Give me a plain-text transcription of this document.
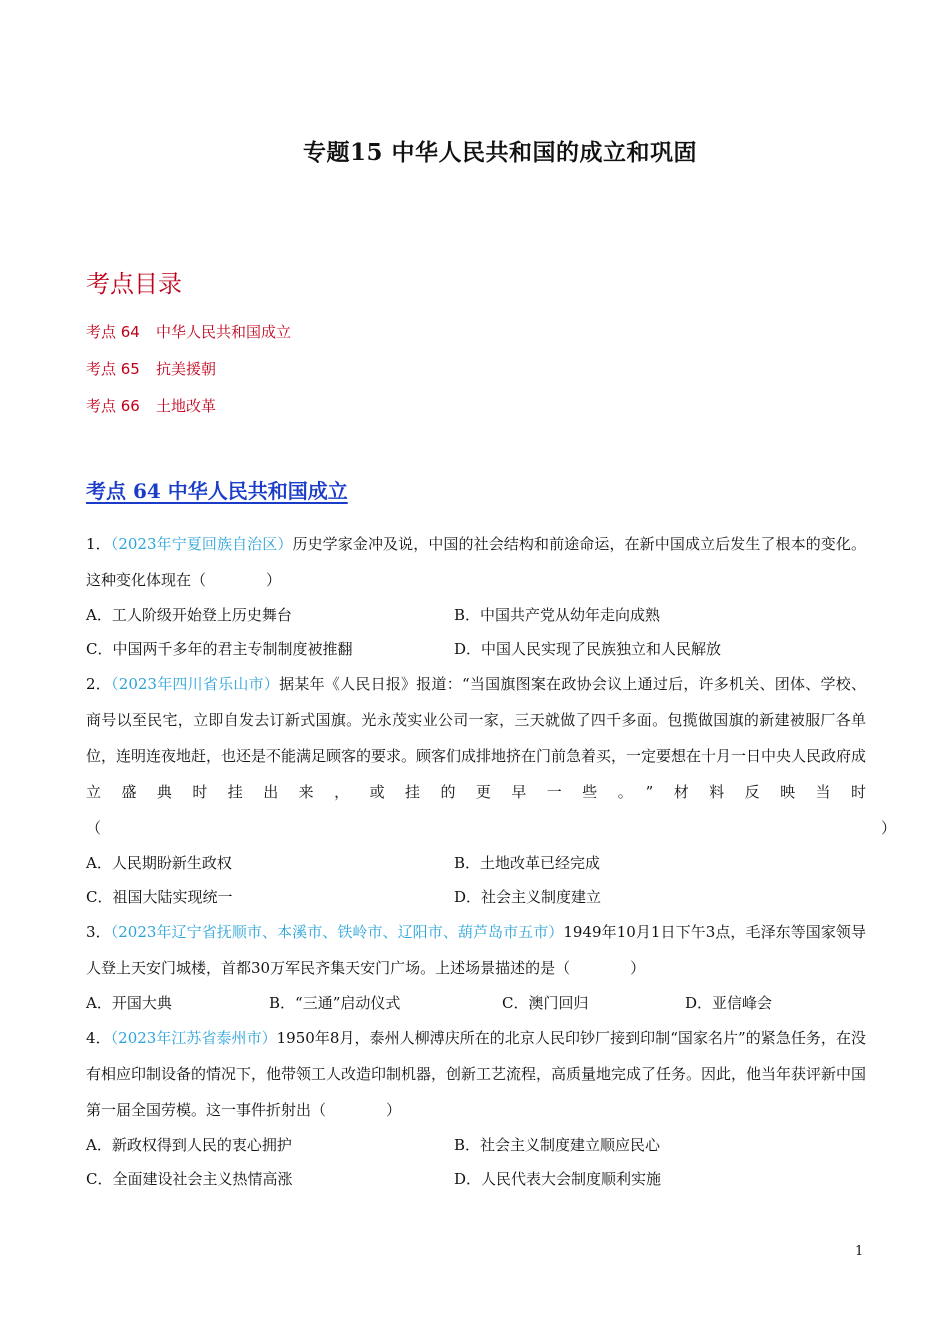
专题15 中华人民共和国的成立和巩固
考点目录
考点 64 中华人民共和国成立
考点 65 抗美援朝
考点 66 土地改革
考点 64 中华人民共和国成立
1．（2023年宁夏回族自治区）历史学家金冲及说，中国的社会结构和前途命运，在新中国成立后发生了根本的变化。这种变化体现在（　　　　）
A．工人阶级开始登上历史舞台	B．中国共产党从幼年走向成熟
C．中国两千多年的君主专制制度被推翻	D．中国人民实现了民族独立和人民解放
2．（2023年四川省乐山市）据某年《人民日报》报道：“当国旗图案在政协会议上通过后，许多机关、团体、学校、商号以至民宅，立即自发去订新式国旗。光永茂实业公司一家，三天就做了四千多面。包揽做国旗的新建被服厂各单位，连明连夜地赶，也还是不能满足顾客的要求。顾客们成排地挤在门前急着买，一定要想在十月一日中央人民政府成立盛典时挂出来，或挂的更早一些。”材料反映当时（　　　　　　　　　　　　　　　　　　　　　　　　　　　　　　　　　　　　　　　　　　　　　　　　　　　　）
A．人民期盼新生政权	B．土地改革已经完成
C．祖国大陆实现统一	D．社会主义制度建立
3．（2023年辽宁省抚顺市、本溪市、铁岭市、辽阳市、葫芦岛市五市）1949年10月1日下午3点，毛泽东等国家领导人登上天安门城楼，首都30万军民齐集天安门广场。上述场景描述的是（　　　　）
A．开国大典	B．“三通”启动仪式	C．澳门回归	D．亚信峰会
4．（2023年江苏省泰州市）1950年8月，泰州人柳溥庆所在的北京人民印钞厂接到印制“国家名片”的紧急任务，在没有相应印制设备的情况下，他带领工人改造印制机器，创新工艺流程，高质量地完成了任务。因此，他当年获评新中国第一届全国劳模。这一事件折射出（　　　　）
A．新政权得到人民的衷心拥护	B．社会主义制度建立顺应民心
C．全面建设社会主义热情高涨	D．人民代表大会制度顺利实施
1
